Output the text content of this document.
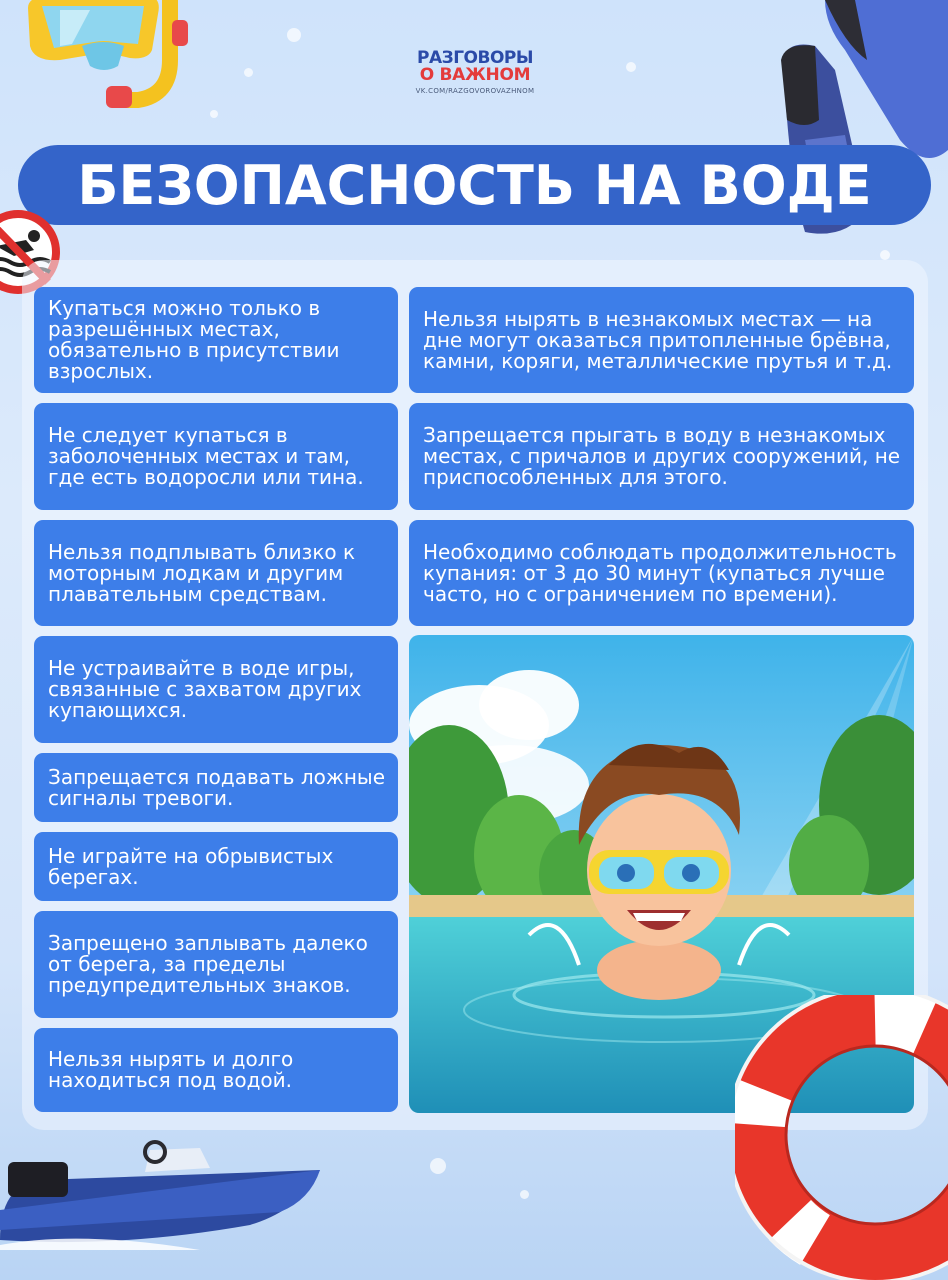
РАЗГОВОРЫ
О ВАЖНОМ
VK.COM/RAZGOVOROVAZHNOM
БЕЗОПАСНОСТЬ НА ВОДЕ
Купаться можно только в разрешённых местах, обязательно в присутствии взрослых.
Не следует купаться в заболоченных местах и там, где есть водоросли или тина.
Нельзя подплывать близко к моторным лодкам и другим плавательным средствам.
Не устраивайте в воде игры, связанные с захватом других купающихся.
Запрещается подавать ложные сигналы тревоги.
Не играйте на обрывистых берегах.
Запрещено заплывать далеко от берега, за пределы предупредительных знаков.
Нельзя нырять и долго находиться под водой.
Нельзя нырять в незнакомых местах — на дне могут оказаться притопленные брёвна, камни, коряги, металлические прутья и т.д.
Запрещается прыгать в воду в незнакомых местах, с причалов и других сооружений, не приспособленных для этого.
Необходимо соблюдать продолжительность купания: от 3 до 30 минут (купаться лучше часто, но с ограничением по времени).
